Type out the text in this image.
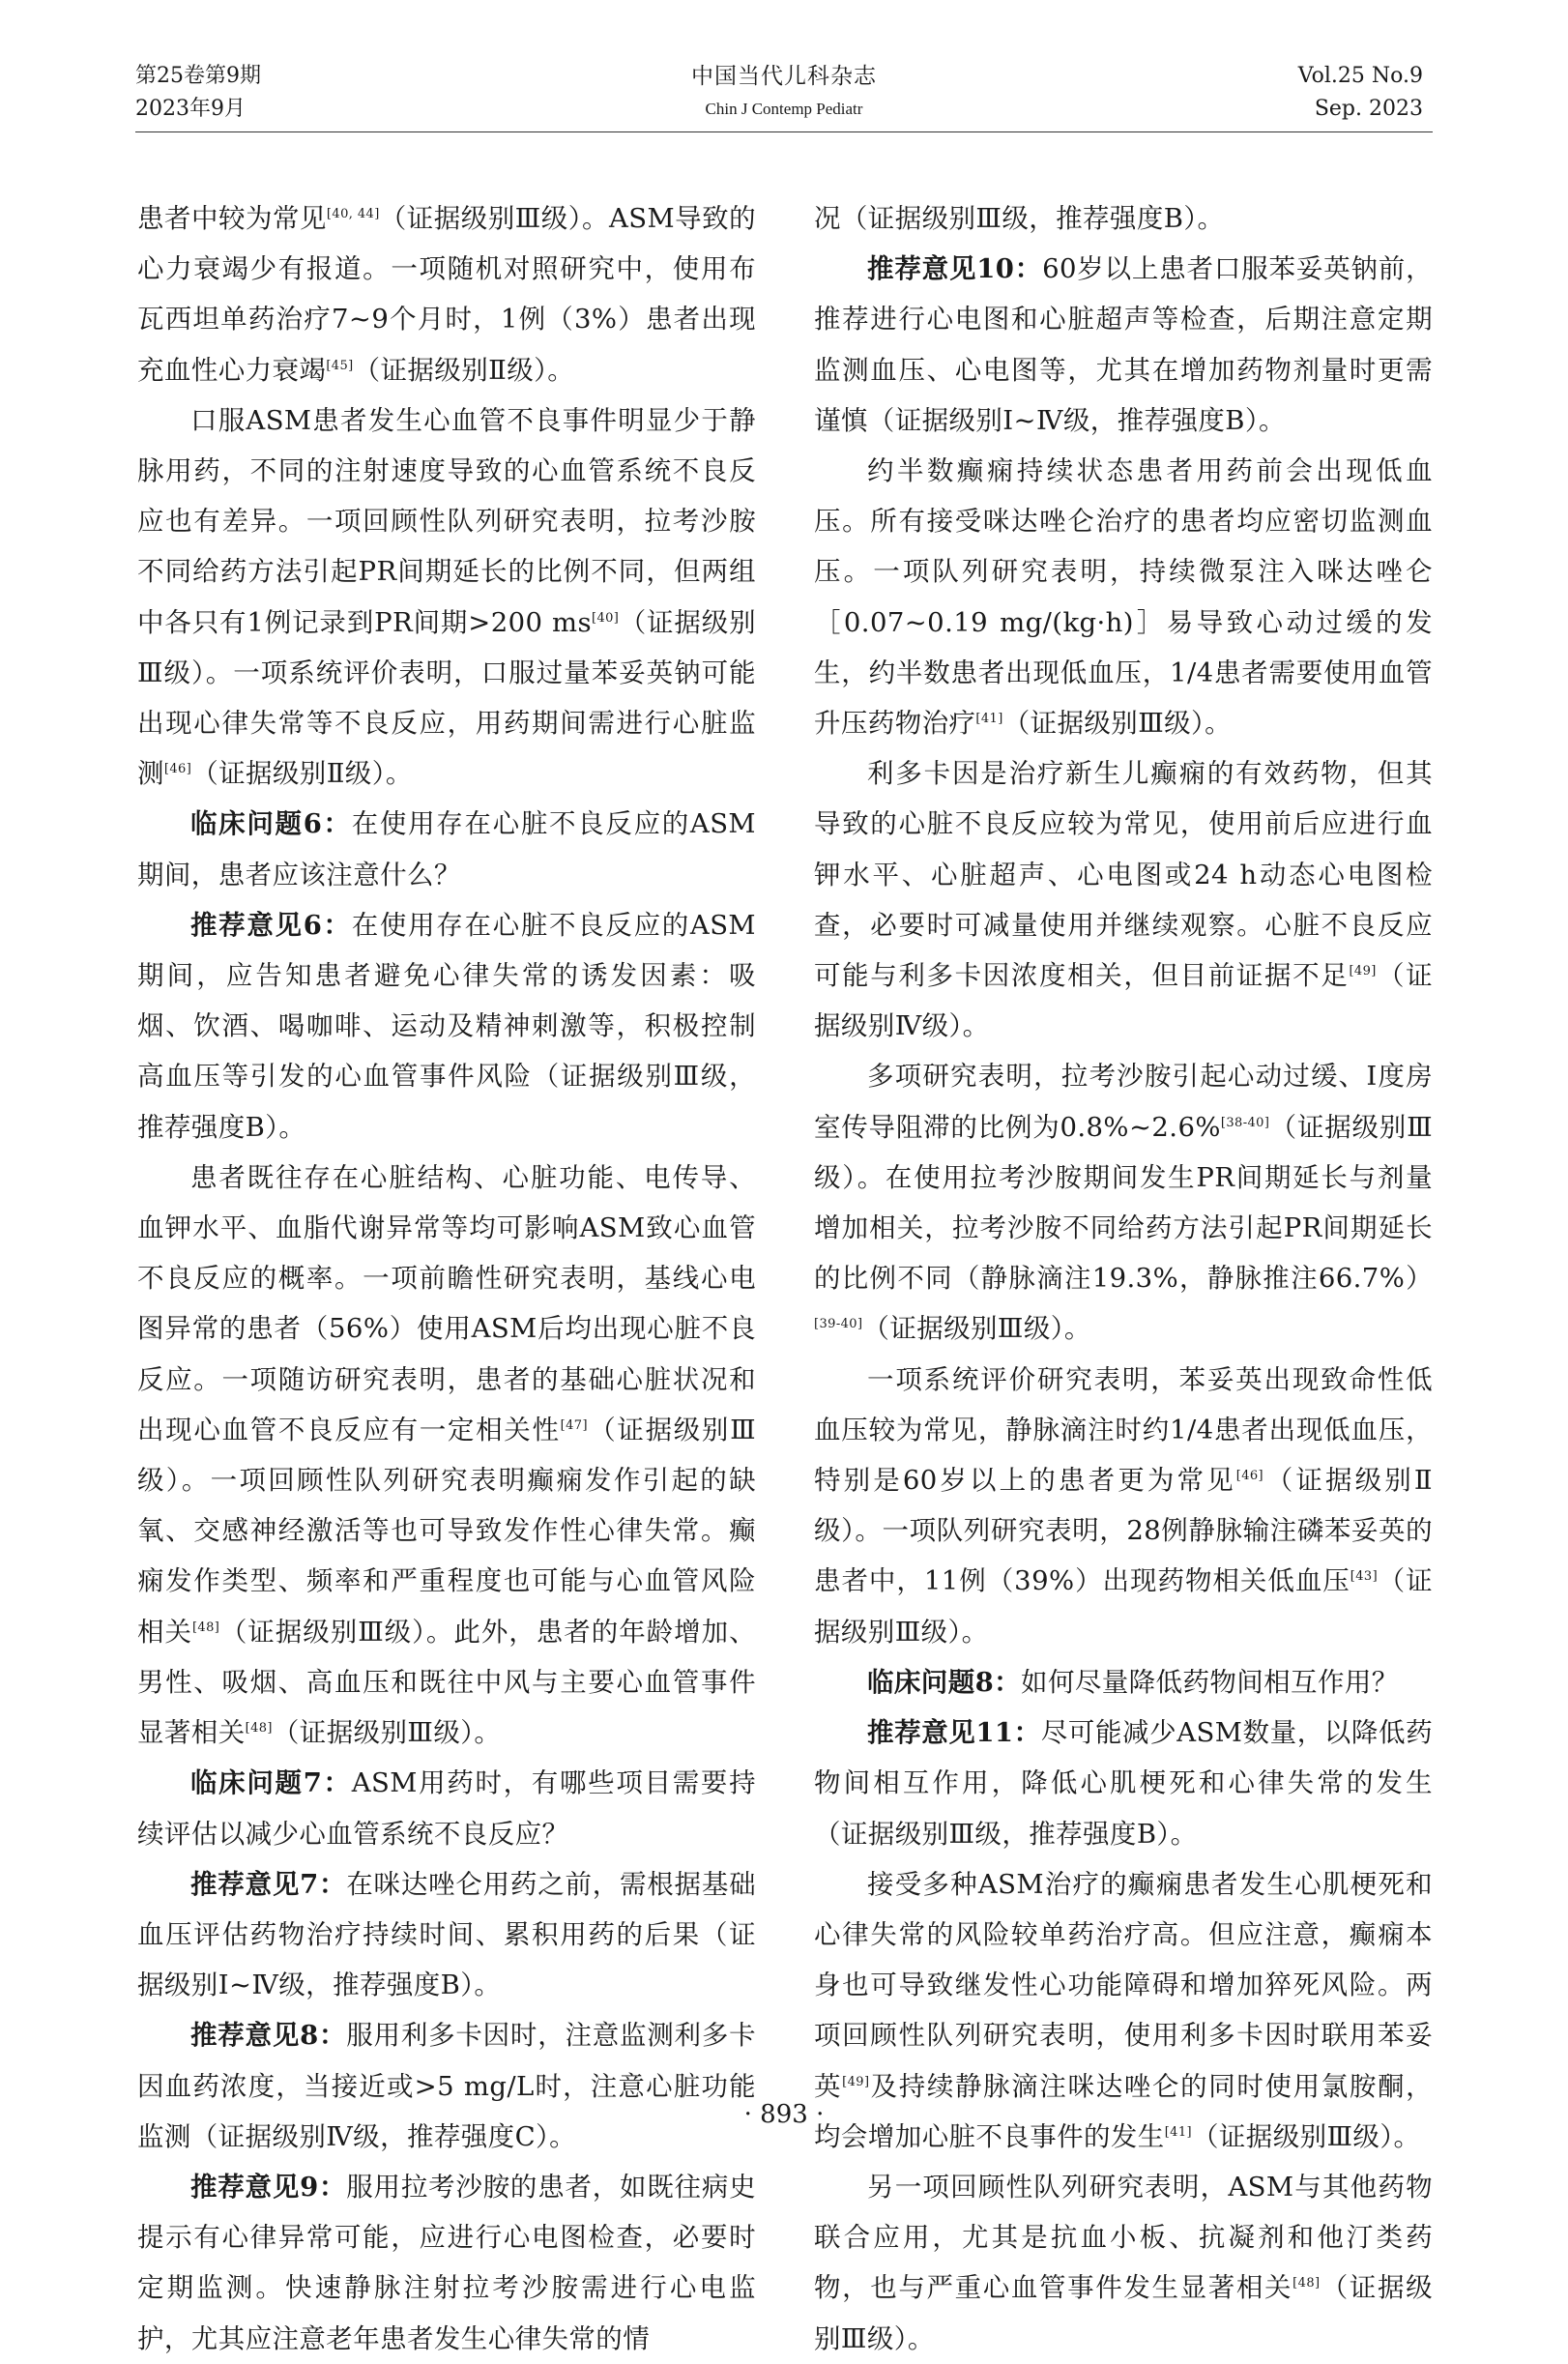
第25卷第9期
2023年9月
中国当代儿科杂志
Chin J Contemp Pediatr
Vol.25 No.9
Sep. 2023

患者中较为常见[40, 44]（证据级别Ⅲ级）。ASM导致的心力衰竭少有报道。一项随机对照研究中，使用布瓦西坦单药治疗7~9个月时，1例（3%）患者出现充血性心力衰竭[45]（证据级别Ⅱ级）。

口服ASM患者发生心血管不良事件明显少于静脉用药，不同的注射速度导致的心血管系统不良反应也有差异。一项回顾性队列研究表明，拉考沙胺不同给药方法引起PR间期延长的比例不同，但两组中各只有1例记录到PR间期>200 ms[40]（证据级别Ⅲ级）。一项系统评价表明，口服过量苯妥英钠可能出现心律失常等不良反应，用药期间需进行心脏监测[46]（证据级别Ⅱ级）。

临床问题6：在使用存在心脏不良反应的ASM期间，患者应该注意什么？

推荐意见6：在使用存在心脏不良反应的ASM期间，应告知患者避免心律失常的诱发因素：吸烟、饮酒、喝咖啡、运动及精神刺激等，积极控制高血压等引发的心血管事件风险（证据级别Ⅲ级，推荐强度B）。

患者既往存在心脏结构、心脏功能、电传导、血钾水平、血脂代谢异常等均可影响ASM致心血管不良反应的概率。一项前瞻性研究表明，基线心电图异常的患者（56%）使用ASM后均出现心脏不良反应。一项随访研究表明，患者的基础心脏状况和出现心血管不良反应有一定相关性[47]（证据级别Ⅲ级）。一项回顾性队列研究表明癫痫发作引起的缺氧、交感神经激活等也可导致发作性心律失常。癫痫发作类型、频率和严重程度也可能与心血管风险相关[48]（证据级别Ⅲ级）。此外，患者的年龄增加、男性、吸烟、高血压和既往中风与主要心血管事件显著相关[48]（证据级别Ⅲ级）。

临床问题7：ASM用药时，有哪些项目需要持续评估以减少心血管系统不良反应？

推荐意见7：在咪达唑仑用药之前，需根据基础血压评估药物治疗持续时间、累积用药的后果（证据级别Ⅰ~Ⅳ级，推荐强度B）。

推荐意见8：服用利多卡因时，注意监测利多卡因血药浓度，当接近或>5 mg/L时，注意心脏功能监测（证据级别Ⅳ级，推荐强度C）。

推荐意见9：服用拉考沙胺的患者，如既往病史提示有心律异常可能，应进行心电图检查，必要时定期监测。快速静脉注射拉考沙胺需进行心电监护，尤其应注意老年患者发生心律失常的情

况（证据级别Ⅲ级，推荐强度B）。

推荐意见10：60岁以上患者口服苯妥英钠前，推荐进行心电图和心脏超声等检查，后期注意定期监测血压、心电图等，尤其在增加药物剂量时更需谨慎（证据级别Ⅰ~Ⅳ级，推荐强度B）。

约半数癫痫持续状态患者用药前会出现低血压。所有接受咪达唑仑治疗的患者均应密切监测血压。一项队列研究表明，持续微泵注入咪达唑仑［0.07~0.19 mg/(kg·h)］易导致心动过缓的发生，约半数患者出现低血压，1/4患者需要使用血管升压药物治疗[41]（证据级别Ⅲ级）。

利多卡因是治疗新生儿癫痫的有效药物，但其导致的心脏不良反应较为常见，使用前后应进行血钾水平、心脏超声、心电图或24 h动态心电图检查，必要时可减量使用并继续观察。心脏不良反应可能与利多卡因浓度相关，但目前证据不足[49]（证据级别Ⅳ级）。

多项研究表明，拉考沙胺引起心动过缓、Ⅰ度房室传导阻滞的比例为0.8%~2.6%[38-40]（证据级别Ⅲ级）。在使用拉考沙胺期间发生PR间期延长与剂量增加相关，拉考沙胺不同给药方法引起PR间期延长的比例不同（静脉滴注19.3%，静脉推注66.7%）[39-40]（证据级别Ⅲ级）。

一项系统评价研究表明，苯妥英出现致命性低血压较为常见，静脉滴注时约1/4患者出现低血压，特别是60岁以上的患者更为常见[46]（证据级别Ⅱ级）。一项队列研究表明，28例静脉输注磷苯妥英的患者中，11例（39%）出现药物相关低血压[43]（证据级别Ⅲ级）。

临床问题8：如何尽量降低药物间相互作用？

推荐意见11：尽可能减少ASM数量，以降低药物间相互作用，降低心肌梗死和心律失常的发生（证据级别Ⅲ级，推荐强度B）。

接受多种ASM治疗的癫痫患者发生心肌梗死和心律失常的风险较单药治疗高。但应注意，癫痫本身也可导致继发性心功能障碍和增加猝死风险。两项回顾性队列研究表明，使用利多卡因时联用苯妥英[49]及持续静脉滴注咪达唑仑的同时使用氯胺酮，均会增加心脏不良事件的发生[41]（证据级别Ⅲ级）。

另一项回顾性队列研究表明，ASM与其他药物联合应用，尤其是抗血小板、抗凝剂和他汀类药物，也与严重心血管事件发生显著相关[48]（证据级别Ⅲ级）。

· 893 ·
